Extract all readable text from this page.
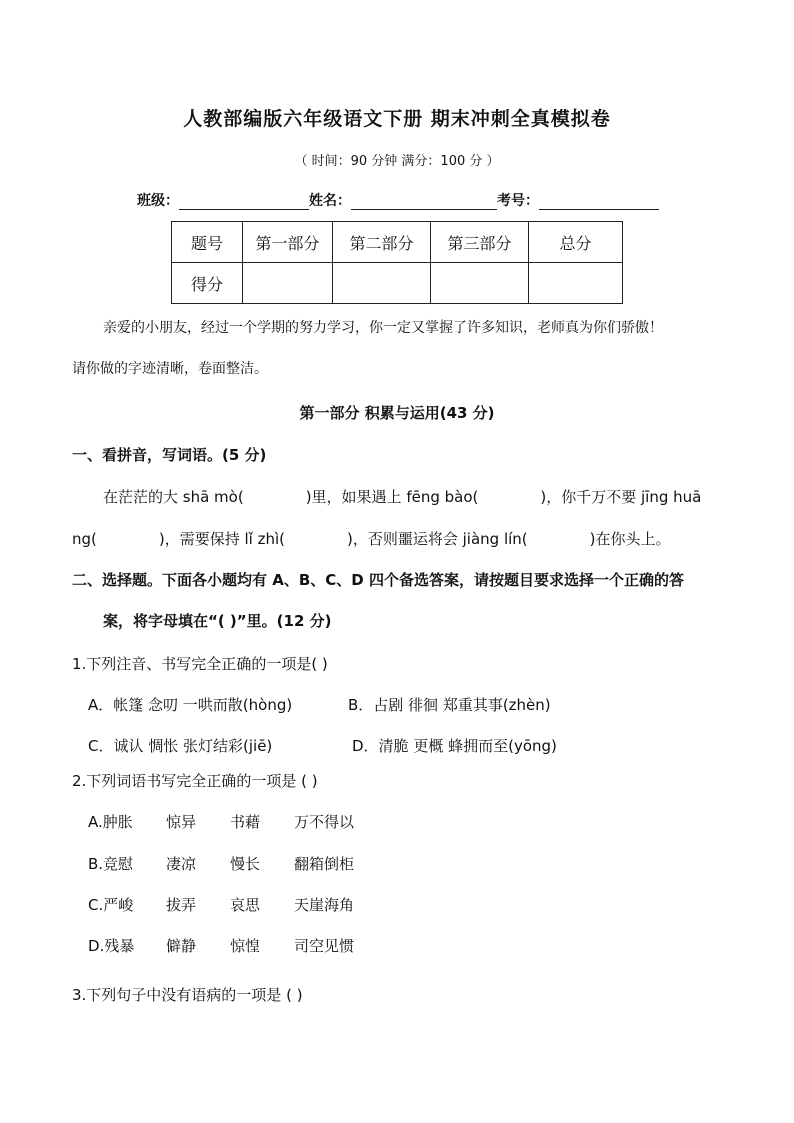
人教部编版六年级语文下册 期末冲刺全真模拟卷
（ 时间：90 分钟 满分：100 分 ）
班级：	姓名：	考号：
题号	第一部分	第二部分	第三部分	总分
得分				
亲爱的小朋友，经过一个学期的努力学习，你一定又掌握了许多知识，老师真为你们骄傲！
请你做的字迹清晰，卷面整洁。
第一部分 积累与运用(43 分)
一、看拼音，写词语。(5 分)
在茫茫的大 shā mò(	)里，如果遇上 fēng bào(	)，你千万不要 jīng huā
ng(	)，需要保持 lǐ zhì(	)，否则噩运将会 jiàng lín(	)在你头上。
二、选择题。下面各小题均有 A、B、C、D 四个备选答案，请按题目要求选择一个正确的答
案，将字母填在“( )”里。(12 分)
1.下列注音、书写完全正确的一项是( )
A．帐篷 念叨 一哄而散(hòng)	B．占剧 徘徊 郑重其事(zhèn)
C．诚认 惆怅 张灯结彩(jiē)	D．清脆 更概 蜂拥而至(yōng)
2.下列词语书写完全正确的一项是 ( )
A.肿胀 惊异 书藉 万不得以
B.竞慰 凄凉 慢长 翻箱倒柜
C.严峻 拔弄 哀思 天崖海角
D.残暴 僻静 惊惶 司空见惯
3.下列句子中没有语病的一项是 ( )
